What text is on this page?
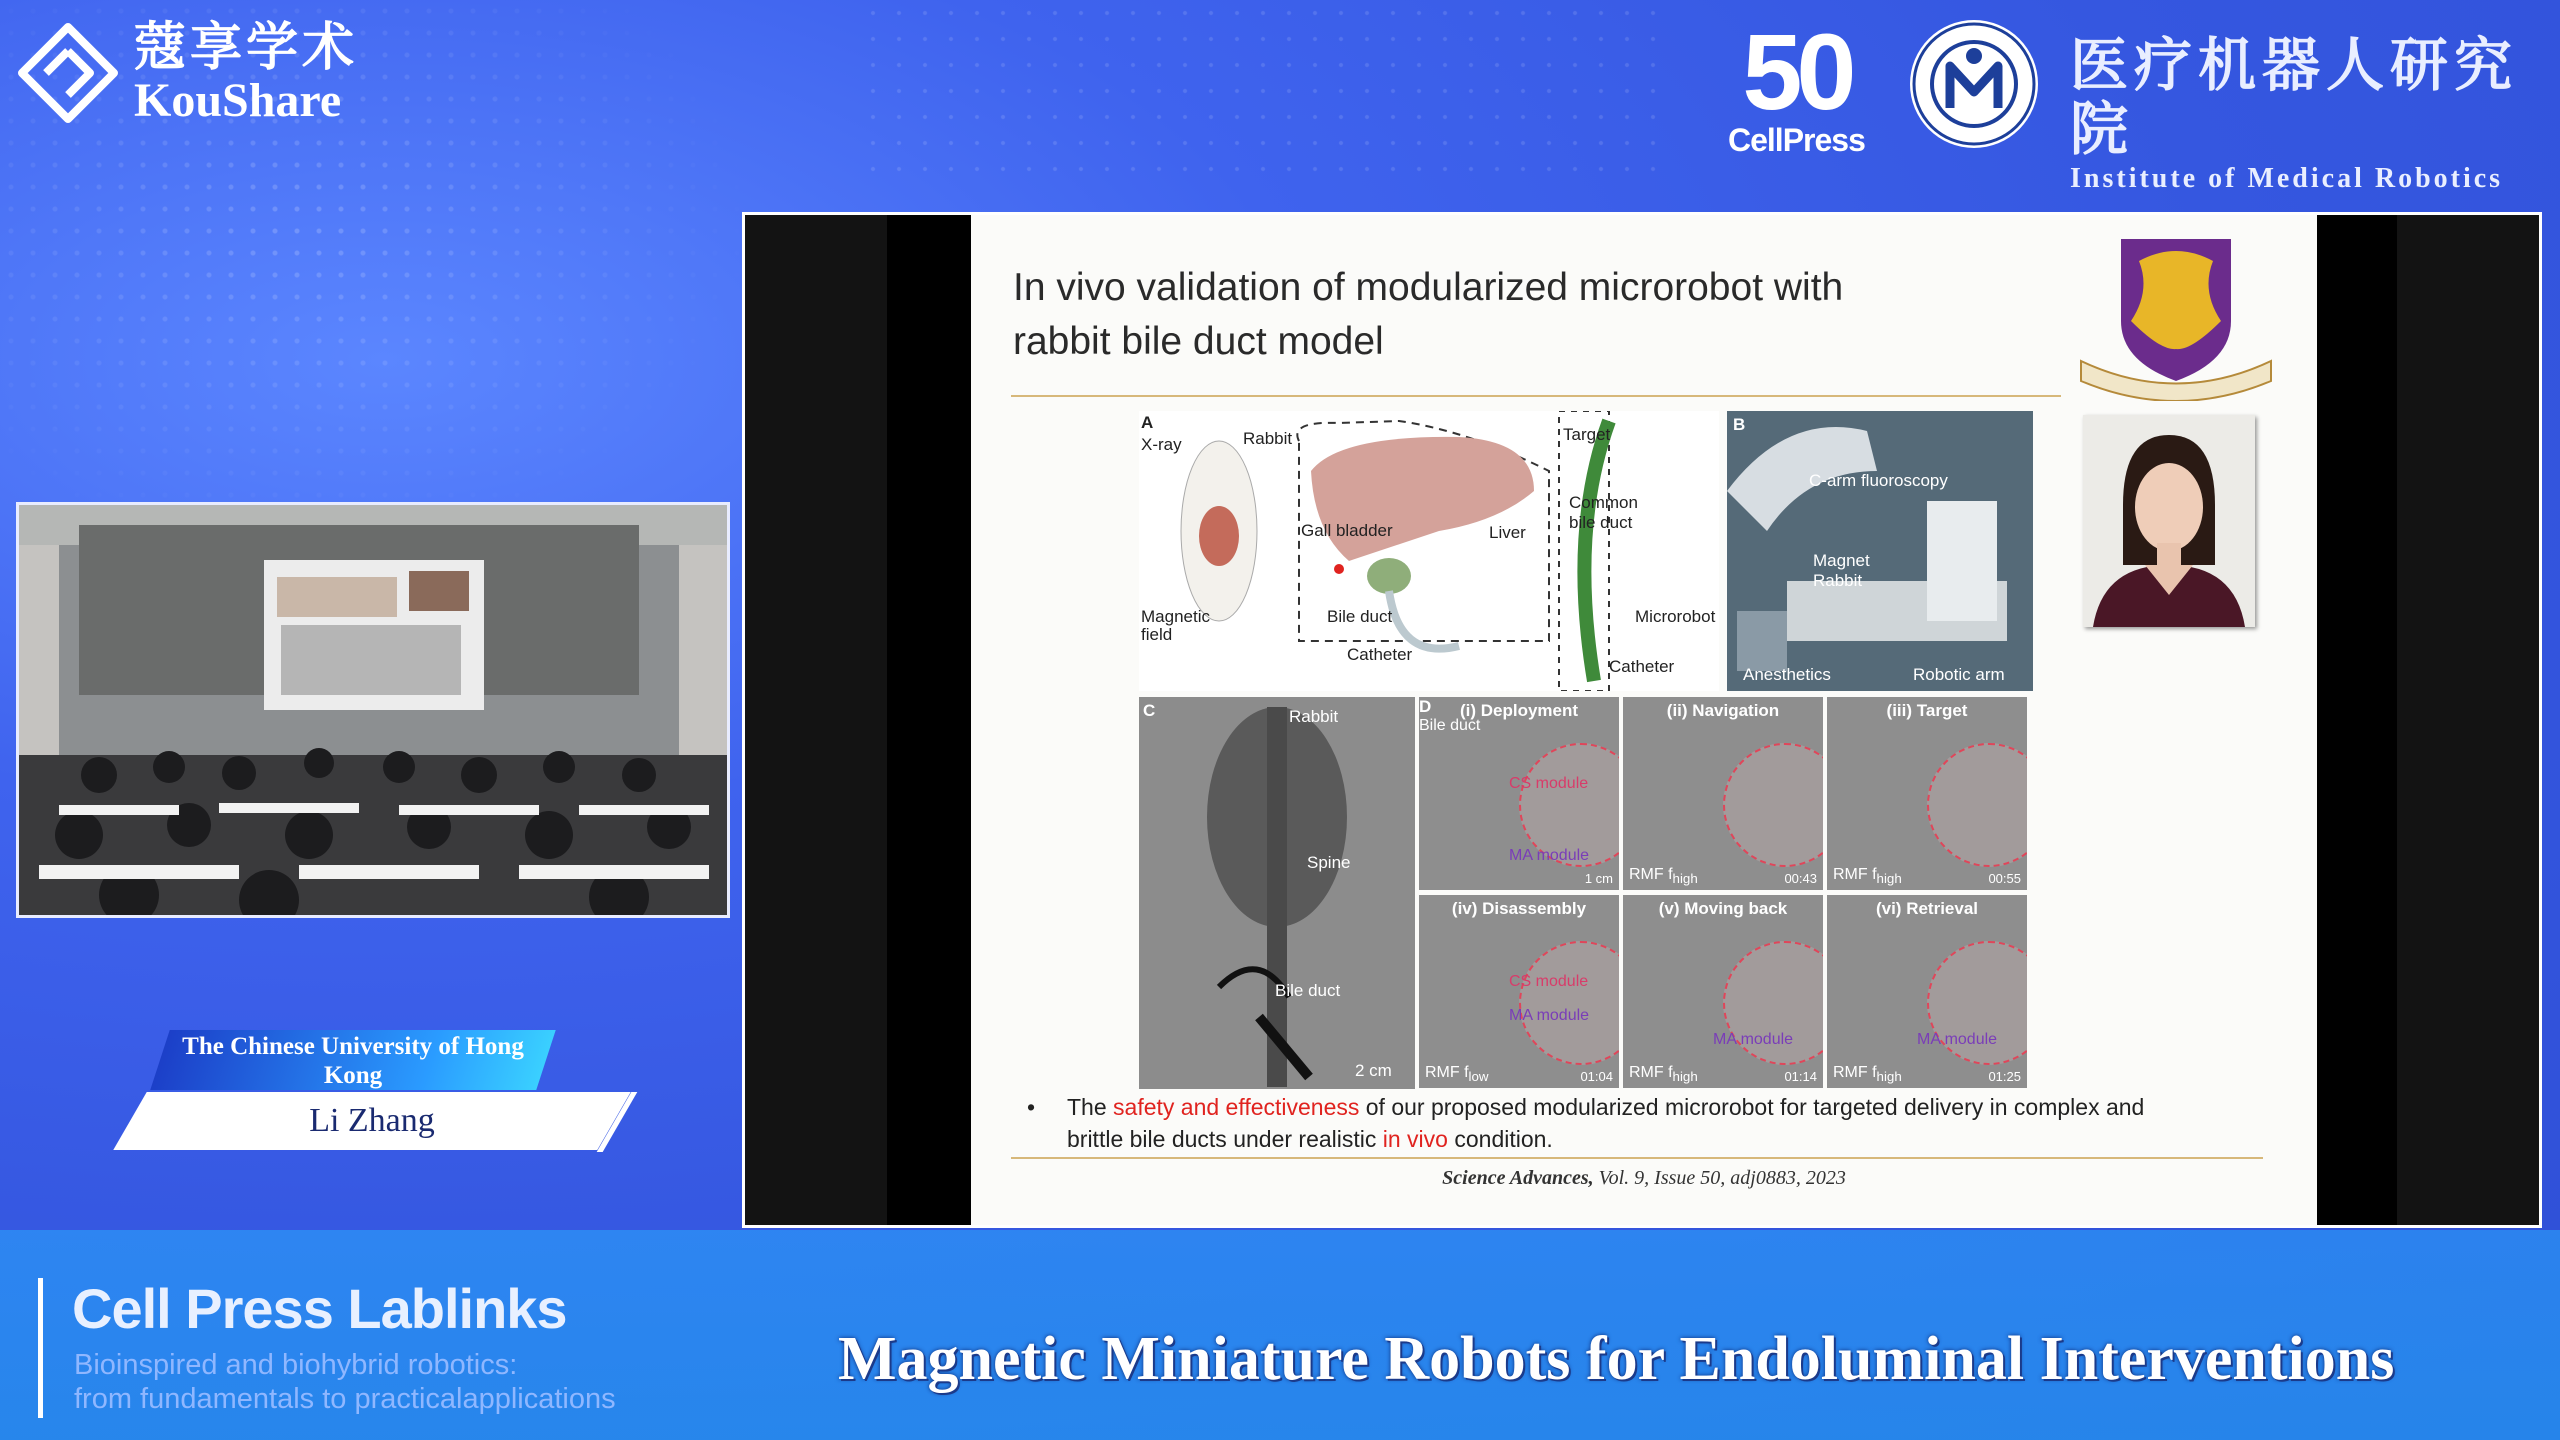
蔻享学术
KouShare	50
CellPress
医疗机器人研究院
Institute of Medical Robotics
The Chinese University of Hong Kong
Li Zhang
Cell Press Lablinks
Bioinspired and biohybrid robotics:
from fundamentals to practicalapplications
Magnetic Miniature Robots for Endoluminal Interventions
In vivo validation of modularized microrobot with
rabbit bile duct model
A
X-ray	Rabbit
Magnetic
field
Gall bladder	Liver
Bile duct
Catheter
Target
Common
bile duct
Microrobot
Catheter
B
C-arm fluoroscopy
Magnet
Rabbit
Anesthetics	Robotic arm
C	Rabbit
Spine
Bile duct
2 cm
D	(i) Deployment
Bile duct
CS module
MA module
1 cm
(ii) Navigation
RMF $f_{high}$	00:43
(iii) Target
RMF $f_{high}$	00:55
(iv) Disassembly
CS module
MA module
RMF $f_{low}$	01:04
(v) Moving back
MA module
RMF $f_{high}$	01:14
(vi) Retrieval
MA module
RMF $f_{high}$	01:25
• The safety and effectiveness of our proposed modularized microrobot for targeted delivery in complex and brittle bile ducts under realistic in vivo condition.
Science Advances, Vol. 9, Issue 50, adj0883, 2023
